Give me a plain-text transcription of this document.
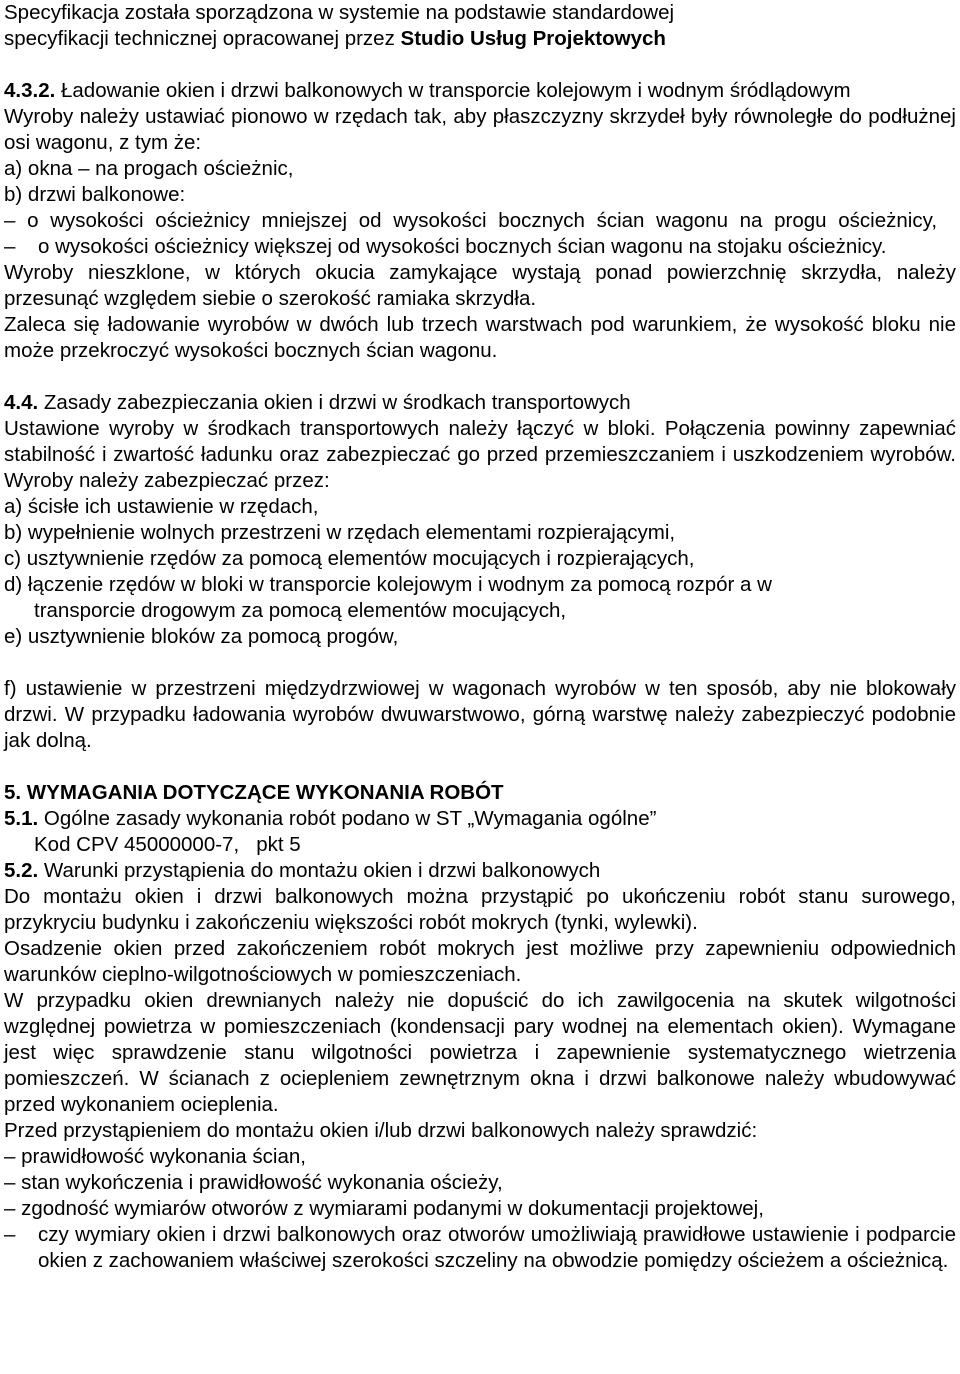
Specyfikacja została sporządzona w systemie na podstawie standardowej

specyfikacji technicznej opracowanej przez Studio Usług Projektowych

4.3.2. Ładowanie okien i drzwi balkonowych w transporcie kolejowym i wodnym śródlądowym

Wyroby należy ustawiać pionowo w rzędach tak, aby płaszczyzny skrzydeł były równoległe do podłużnej osi wagonu, z tym że:

a) okna – na progach ościeżnic,

b) drzwi balkonowe:

– o wysokości ościeżnicy mniejszej od wysokości bocznych ścian wagonu na progu ościeżnicy,

–	o wysokości ościeżnicy większej od wysokości bocznych ścian wagonu na stojaku ościeżnicy.

Wyroby nieszklone, w których okucia zamykające wystają ponad powierzchnię skrzydła, należy przesunąć względem siebie o szerokość ramiaka skrzydła.

Zaleca się ładowanie wyrobów w dwóch lub trzech warstwach pod warunkiem, że wysokość bloku nie może przekroczyć wysokości bocznych ścian wagonu.

4.4. Zasady zabezpieczania okien i drzwi w środkach transportowych

Ustawione wyroby w środkach transportowych należy łączyć w bloki. Połączenia powinny zapewniać stabilność i zwartość ładunku oraz zabezpieczać go przed przemieszczaniem i uszkodzeniem wyrobów. Wyroby należy zabezpieczać przez:

a) ścisłe ich ustawienie w rzędach,

b) wypełnienie wolnych przestrzeni w rzędach elementami rozpierającymi,

c) usztywnienie rzędów za pomocą elementów mocujących i rozpierających,

d) łączenie rzędów w bloki w transporcie kolejowym i wodnym za pomocą rozpór a w

transporcie drogowym za pomocą elementów mocujących,

e) usztywnienie bloków za pomocą progów,

f) ustawienie w przestrzeni międzydrzwiowej w wagonach wyrobów w ten sposób, aby nie blokowały drzwi. W przypadku ładowania wyrobów dwuwarstwowo, górną warstwę należy zabezpieczyć podobnie jak dolną.

5. WYMAGANIA DOTYCZĄCE WYKONANIA ROBÓT

5.1. Ogólne zasady wykonania robót podano w ST „Wymagania ogólne”

Kod CPV 45000000-7,   pkt 5

5.2. Warunki przystąpienia do montażu okien i drzwi balkonowych

Do montażu okien i drzwi balkonowych można przystąpić po ukończeniu robót stanu surowego, przykryciu budynku i zakończeniu większości robót mokrych (tynki, wylewki).

Osadzenie okien przed zakończeniem robót mokrych jest możliwe przy zapewnieniu odpowiednich warunków cieplno-wilgotnościowych w pomieszczeniach.

W przypadku okien drewnianych należy nie dopuścić do ich zawilgocenia na skutek wilgotności względnej powietrza w pomieszczeniach (kondensacji pary wodnej na elementach okien). Wymagane jest więc sprawdzenie stanu wilgotności powietrza i zapewnienie systematycznego wietrzenia pomieszczeń. W ścianach z ociepleniem zewnętrznym okna i drzwi balkonowe należy wbudowywać przed wykonaniem ocieplenia.

Przed przystąpieniem do montażu okien i/lub drzwi balkonowych należy sprawdzić:

– prawidłowość wykonania ścian,

– stan wykończenia i prawidłowość wykonania ościeży,

– zgodność wymiarów otworów z wymiarami podanymi w dokumentacji projektowej,

–	czy wymiary okien i drzwi balkonowych oraz otworów umożliwiają prawidłowe ustawienie i podparcie okien z zachowaniem właściwej szerokości szczeliny na obwodzie pomiędzy ościeżem a ościeżnicą.
